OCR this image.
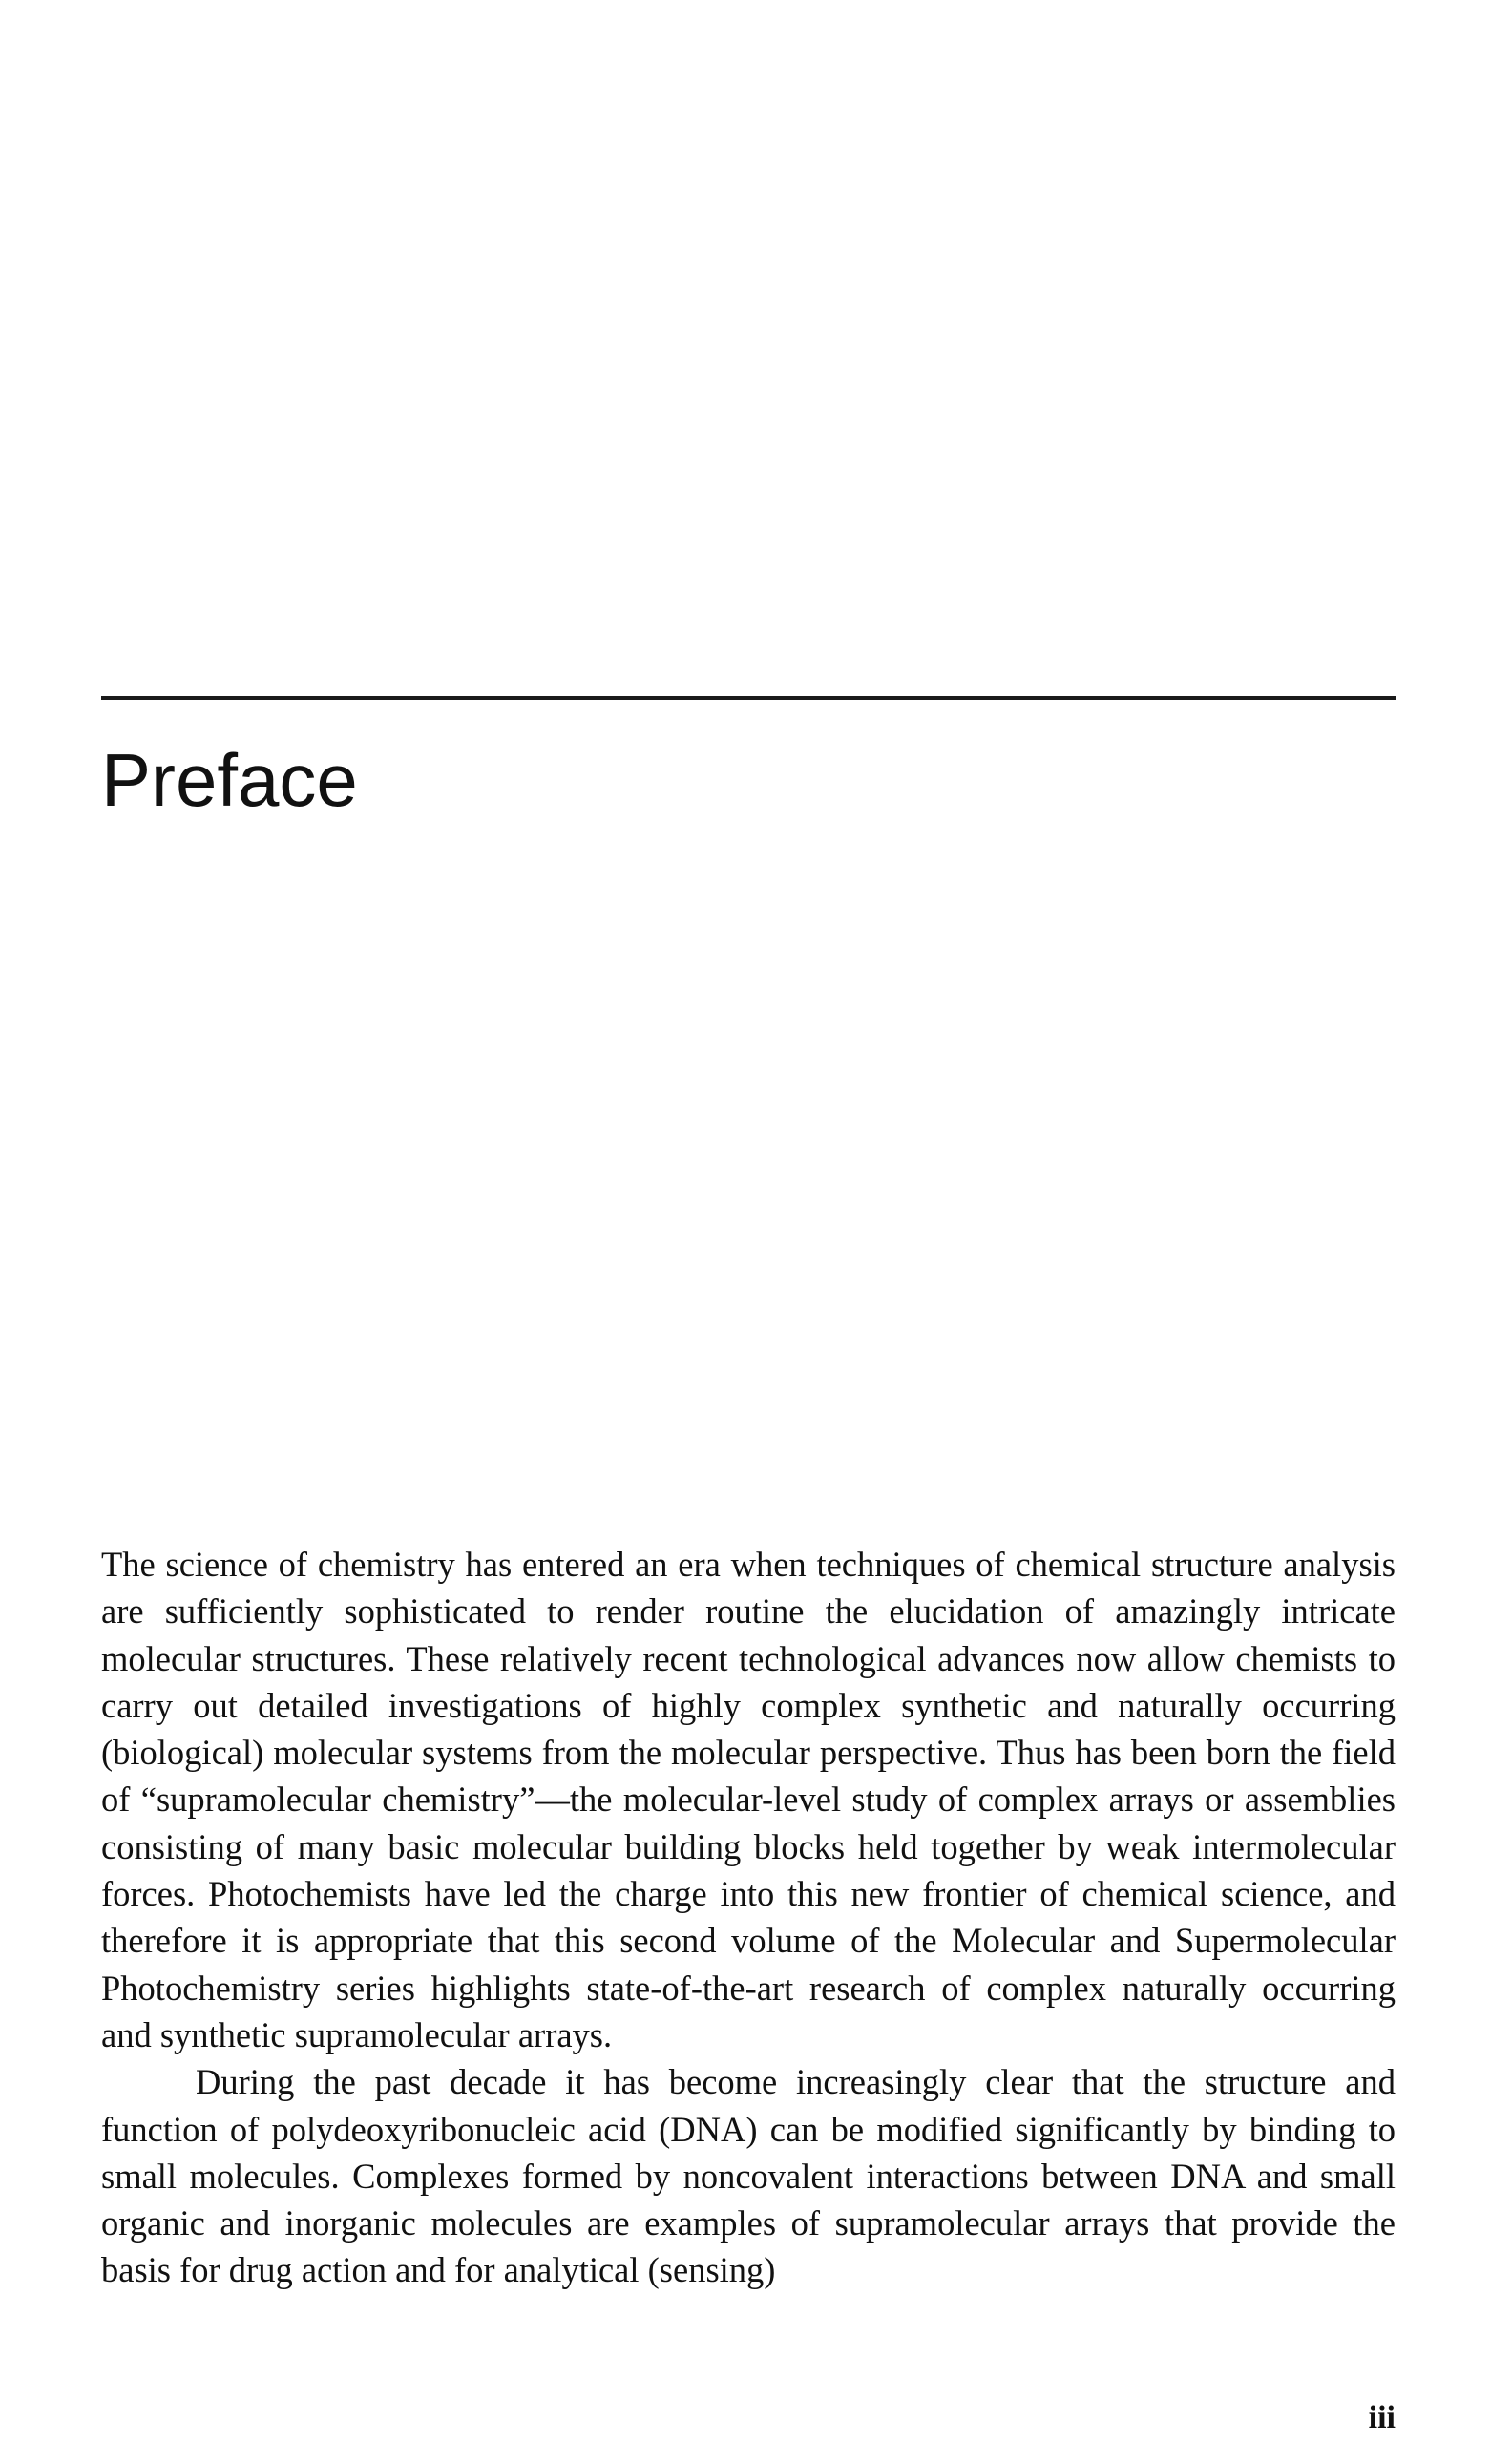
Preface

The science of chemistry has entered an era when techniques of chemical structure analysis are sufficiently sophisticated to render routine the elucidation of amazingly intricate molecular structures. These relatively recent technological advances now allow chemists to carry out detailed investigations of highly complex synthetic and naturally occurring (biological) molecular systems from the molecular perspective. Thus has been born the field of “supramolecular chemistry”—the molecular-level study of complex arrays or assemblies consisting of many basic molecular building blocks held together by weak intermolecular forces. Photochemists have led the charge into this new frontier of chemical science, and therefore it is appropriate that this second volume of the Molecular and Supermolecular Photochemistry series highlights state-of-the-art research of complex naturally occurring and synthetic supramolecular arrays.

During the past decade it has become increasingly clear that the structure and function of polydeoxyribonucleic acid (DNA) can be modified significantly by binding to small molecules. Complexes formed by noncovalent interactions between DNA and small organic and inorganic molecules are examples of supramolecular arrays that provide the basis for drug action and for analytical (sensing)

iii
